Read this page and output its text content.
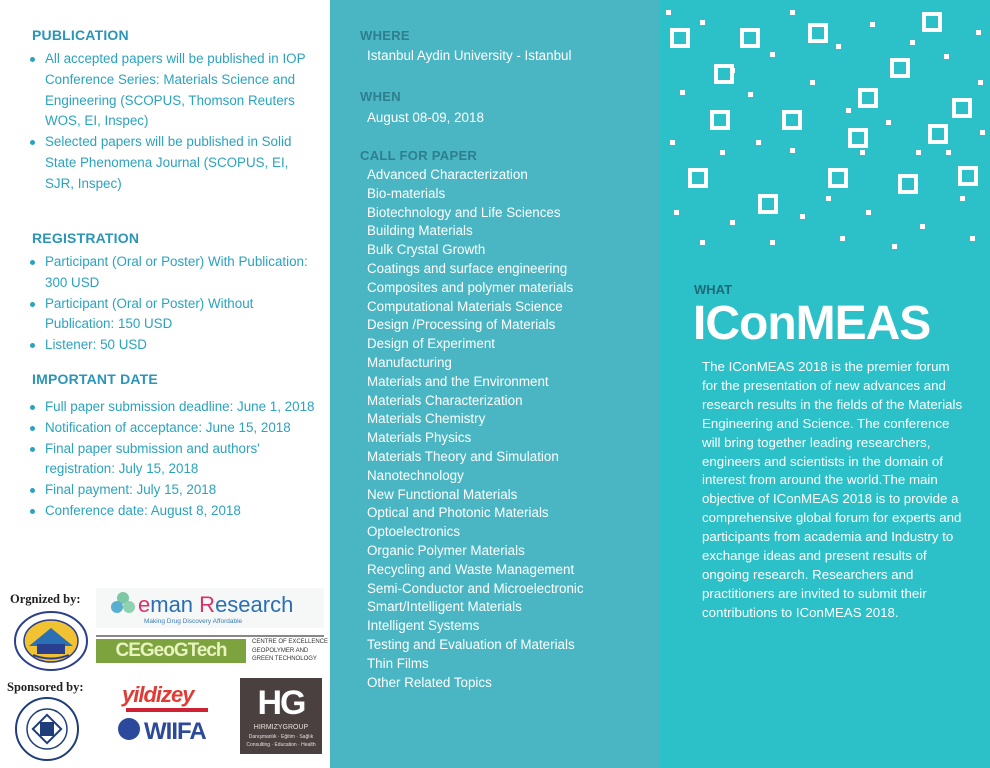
PUBLICATION
All accepted papers will be published in IOP Conference Series: Materials Science and Engineering (SCOPUS, Thomson Reuters WOS, EI, Inspec)
Selected papers will be published in Solid State Phenomena Journal (SCOPUS, EI, SJR, Inspec)
REGISTRATION
Participant (Oral or Poster) With Publication: 300 USD
Participant (Oral or Poster) Without Publication: 150 USD
Listener: 50 USD
IMPORTANT DATE
Full paper submission deadline: June 1, 2018
Notification of acceptance: June 15, 2018
Final paper submission and authors' registration: July 15, 2018
Final payment: July 15, 2018
Conference date: August 8, 2018
Orgnized by:	eman Research
Making Drug Discovery Affordable
CEGeoGTech	CENTRE OF EXCELLENCE
GEOPOLYMER AND
GREEN TECHNOLOGY
Sponsored by: yildizey
WIIFA
HG
HIRMIZYGROUP
Danışmanlık · Eğitim · Sağlık
Consulting · Education · Health
WHERE
Istanbul Aydin University - Istanbul
WHEN
August 08-09, 2018
CALL FOR PAPER
Advanced Characterization
Bio-materials
Biotechnology and Life Sciences
Building Materials
Bulk Crystal Growth
Coatings and surface engineering
Composites and polymer materials
Computational Materials Science
Design /Processing of Materials
Design of Experiment
Manufacturing
Materials and the Environment
Materials Characterization
Materials Chemistry
Materials Physics
Materials Theory and Simulation
Nanotechnology
New Functional Materials
Optical and Photonic Materials
Optoelectronics
Organic Polymer Materials
Recycling and Waste Management
Semi-Conductor and Microelectronic
Smart/Intelligent Materials
Intelligent Systems
Testing and Evaluation of Materials
Thin Films
Other Related Topics
WHAT
IConMEAS
The IConMEAS 2018 is the premier forum for the presentation of new advances and research results in the fields of the Materials Engineering and Science. The conference will bring together leading researchers, engineers and scientists in the domain of interest from around the world.The main objective of IConMEAS 2018 is to provide a comprehensive global forum for experts and participants from academia and Industry to exchange ideas and present results of ongoing research. Researchers and practitioners are invited to submit their contributions to IConMEAS 2018.
